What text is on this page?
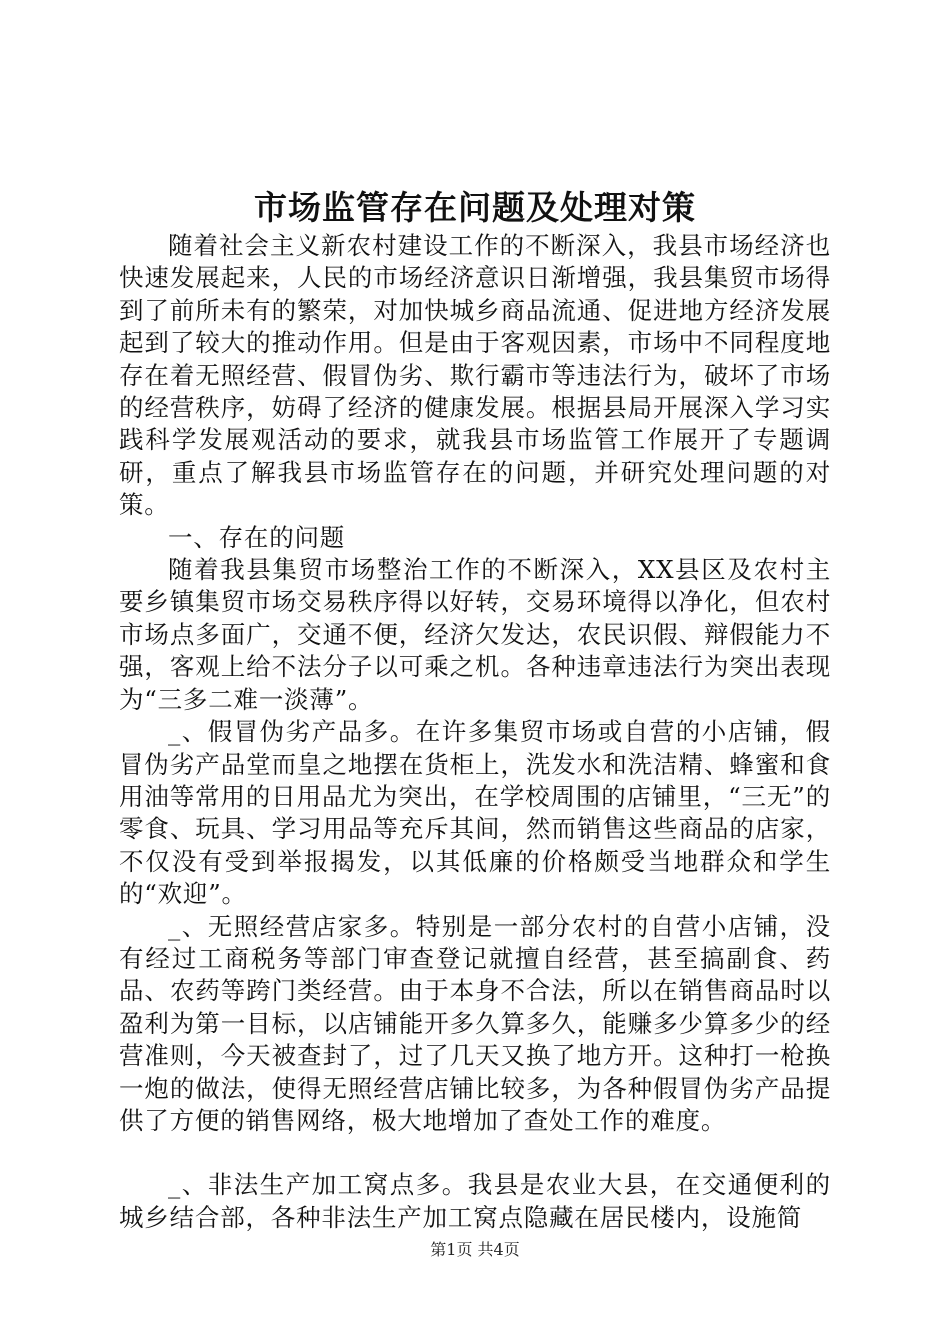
市场监管存在问题及处理对策

随着社会主义新农村建设工作的不断深入，我县市场经济也快速发展起来，人民的市场经济意识日渐增强，我县集贸市场得到了前所未有的繁荣，对加快城乡商品流通、促进地方经济发展起到了较大的推动作用。但是由于客观因素，市场中不同程度地存在着无照经营、假冒伪劣、欺行霸市等违法行为，破坏了市场的经营秩序，妨碍了经济的健康发展。根据县局开展深入学习实践科学发展观活动的要求，就我县市场监管工作展开了专题调研，重点了解我县市场监管存在的问题，并研究处理问题的对策。

一、存在的问题

随着我县集贸市场整治工作的不断深入，XX县区及农村主要乡镇集贸市场交易秩序得以好转，交易环境得以净化，但农村市场点多面广，交通不便，经济欠发达，农民识假、辩假能力不强，客观上给不法分子以可乘之机。各种违章违法行为突出表现为“三多二难一淡薄”。

_、假冒伪劣产品多。在许多集贸市场或自营的小店铺，假冒伪劣产品堂而皇之地摆在货柜上，洗发水和洗洁精、蜂蜜和食用油等常用的日用品尤为突出，在学校周围的店铺里，“三无”的零食、玩具、学习用品等充斥其间，然而销售这些商品的店家，不仅没有受到举报揭发，以其低廉的价格颇受当地群众和学生的“欢迎”。

_、无照经营店家多。特别是一部分农村的自营小店铺，没有经过工商税务等部门审查登记就擅自经营，甚至搞副食、药品、农药等跨门类经营。由于本身不合法，所以在销售商品时以盈利为第一目标，以店铺能开多久算多久，能赚多少算多少的经营准则，今天被查封了，过了几天又换了地方开。这种打一枪换一炮的做法，使得无照经营店铺比较多，为各种假冒伪劣产品提供了方便的销售网络，极大地增加了查处工作的难度。

_、非法生产加工窝点多。我县是农业大县，在交通便利的城乡结合部，各种非法生产加工窝点隐藏在居民楼内，设施简

第1页 共4页
